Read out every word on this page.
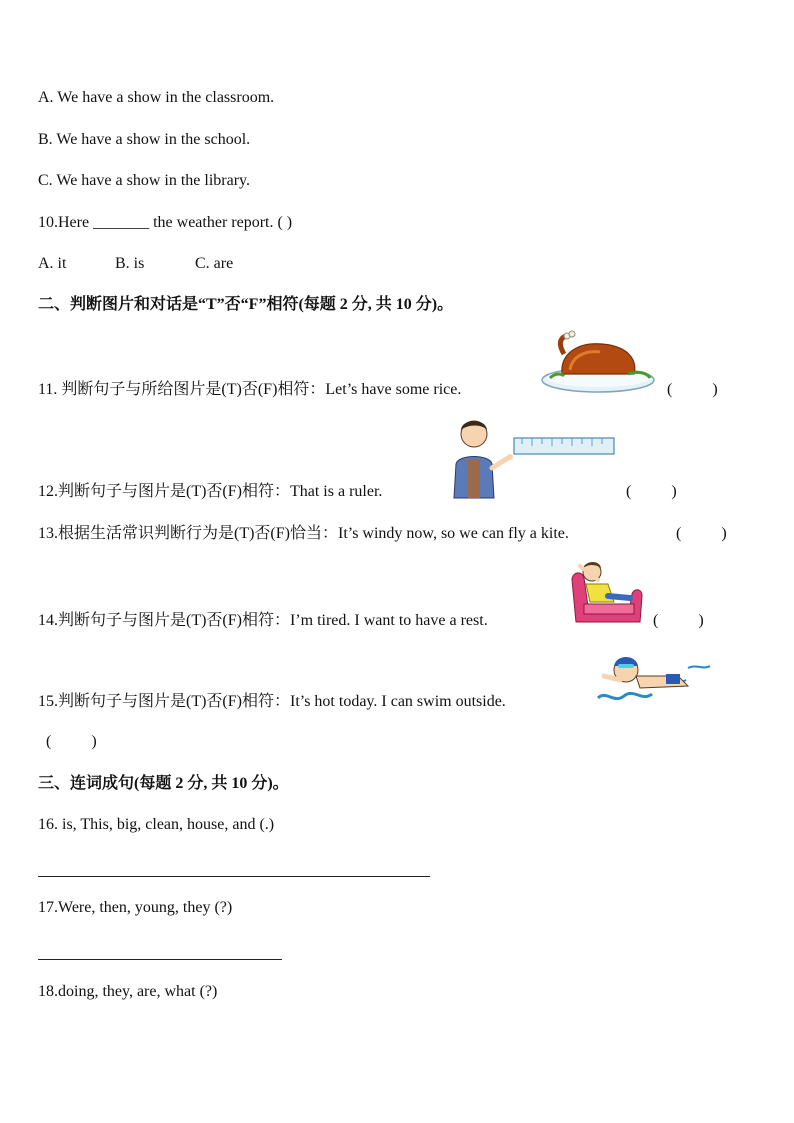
A. We have a show in the classroom.
B. We have a show in the school.
C. We have a show in the library.
10.Here _______ the weather report. ( )
A. it	B. is	C. are
二、判断图片和对话是“T”否“F”相符(每题 2 分, 共 10 分)。
11. 判断句子与所给图片是(T)否(F)相符：Let’s have some rice.	(          )
12.判断句子与图片是(T)否(F)相符：That is a ruler.	(          )
13.根据生活常识判断行为是(T)否(F)恰当：It’s windy now, so we can fly a kite.	(          )
14.判断句子与图片是(T)否(F)相符：I’m tired. I want to have a rest.	(          )
15.判断句子与图片是(T)否(F)相符：It’s hot today. I can swim outside.
(          )
三、连词成句(每题 2 分, 共 10 分)。
16. is, This, big, clean, house, and (.)
17.Were, then, young, they (?)
18.doing, they, are, what (?)
